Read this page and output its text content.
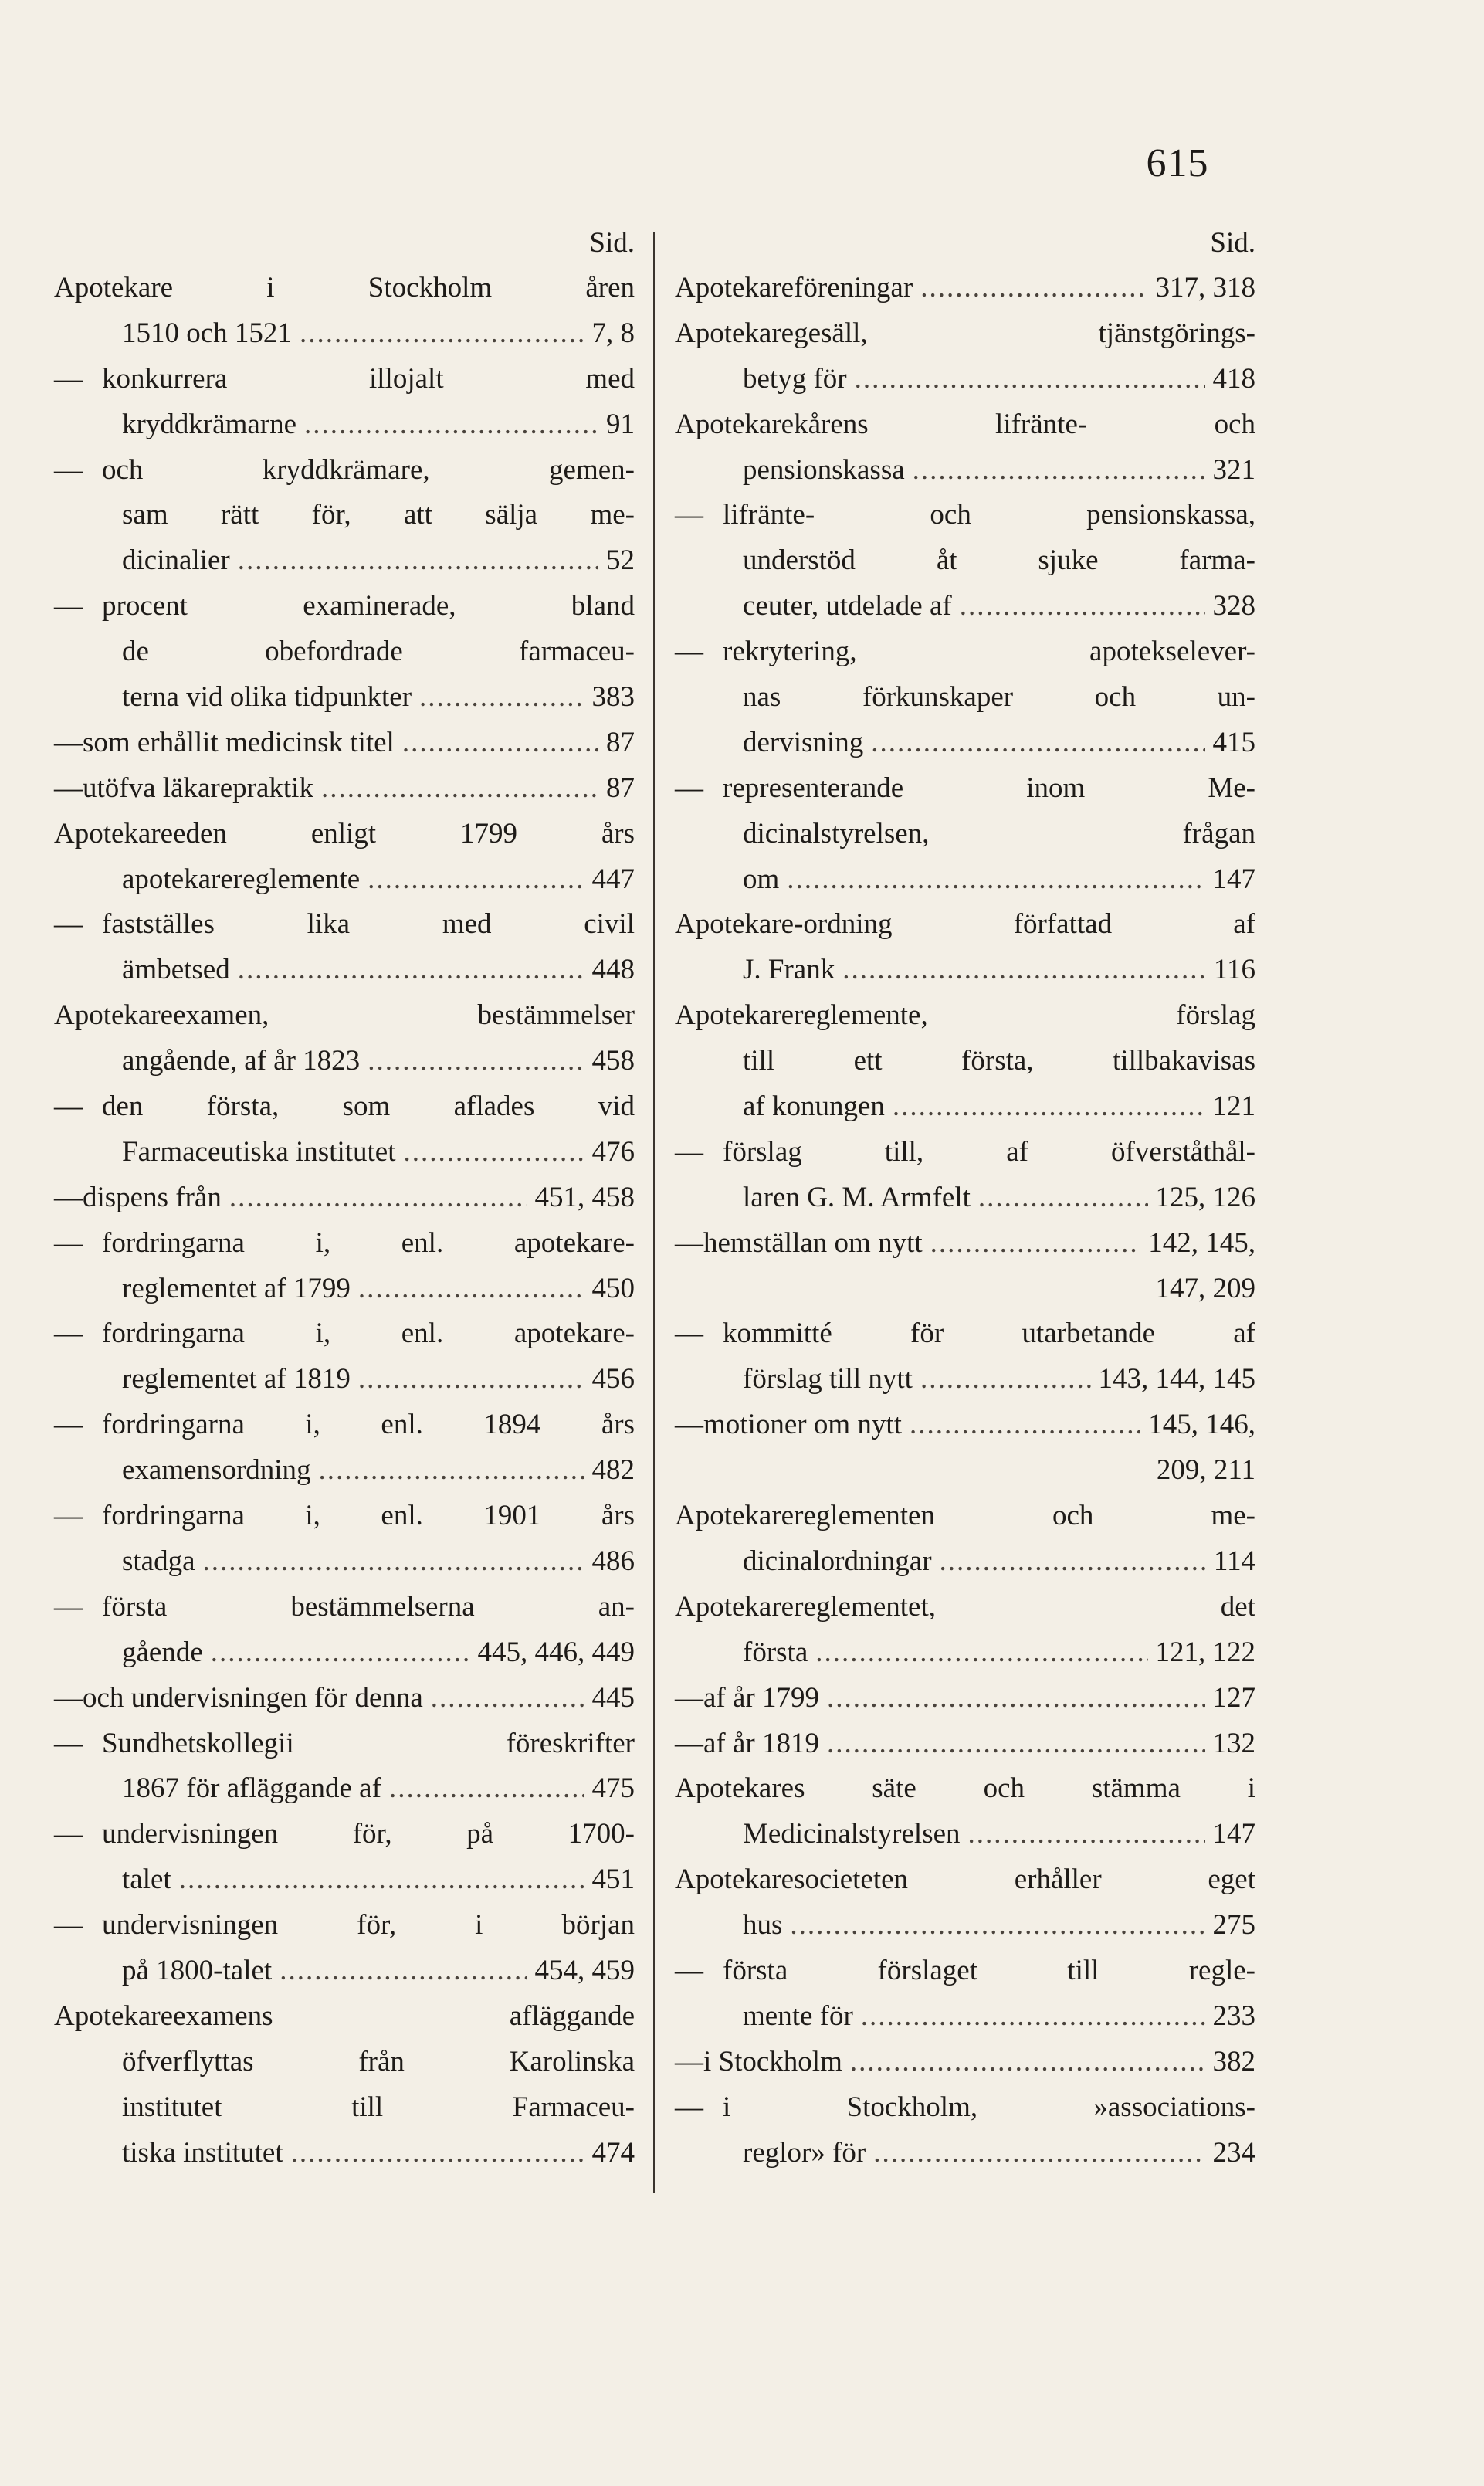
615
Sid.
Apotekare i Stockholm åren
1510 och 1521 .....	7, 8
— konkurrera illojalt med
kryddkrämarne .....	91
— och kryddkrämare, gemen-
sam rätt för, att sälja me-
dicinalier .....	52
— procent examinerade, bland
de obefordrade farmaceu-
terna vid olika tidpunkter .....	383
— som erhållit medicinsk titel .....	87
— utöfva läkarepraktik .....	87
Apotekareeden enligt 1799 års
apotekarereglemente .....	447
— fastställes lika med civil
ämbetsed .....	448
Apotekareexamen, bestämmelser
angående, af år 1823 .....	458
— den första, som aflades vid
Farmaceutiska institutet .....	476
— dispens från .....	451, 458
— fordringarna i, enl. apotekare-
reglementet af 1799 .....	450
— fordringarna i, enl. apotekare-
reglementet af 1819 .....	456
— fordringarna i, enl. 1894 års
examensordning .....	482
— fordringarna i, enl. 1901 års
stadga .....	486
— första bestämmelserna an-
gående .....	445, 446, 449
— och undervisningen för denna .....	445
— Sundhetskollegii föreskrifter
1867 för afläggande af .....	475
— undervisningen för, på 1700-
talet .....	451
— undervisningen för, i början
på 1800-talet .....	454, 459
Apotekareexamens afläggande
öfverflyttas från Karolinska
institutet till Farmaceu-
tiska institutet .....	474
Sid.
Apotekareföreningar .....	317, 318
Apotekaregesäll, tjänstgörings-
betyg för .....	418
Apotekarekårens lifränte- och
pensionskassa .....	321
— lifränte- och pensionskassa,
understöd åt sjuke farma-
ceuter, utdelade af .....	328
— rekrytering, apotekselever-
nas förkunskaper och un-
dervisning .....	415
— representerande inom Me-
dicinalstyrelsen, frågan
om .....	147
Apotekare-ordning författad af
J. Frank .....	116
Apotekarereglemente, förslag
till ett första, tillbakavisas
af konungen .....	121
— förslag till, af öfverståthål-
laren G. M. Armfelt .....	125, 126
— hemställan om nytt .....	142, 145,
147, 209
— kommitté för utarbetande af
förslag till nytt .....	143, 144, 145
— motioner om nytt .....	145, 146,
209, 211
Apotekarereglementen och me-
dicinalordningar .....	114
Apotekarereglementet, det
första .....	121, 122
— af år 1799 .....	127
— af år 1819 .....	132
Apotekares säte och stämma i
Medicinalstyrelsen .....	147
Apotekaresocieteten erhåller eget
hus .....	275
— första förslaget till regle-
mente för .....	233
— i Stockholm .....	382
— i Stockholm, »associations-
reglor» för .....	234
